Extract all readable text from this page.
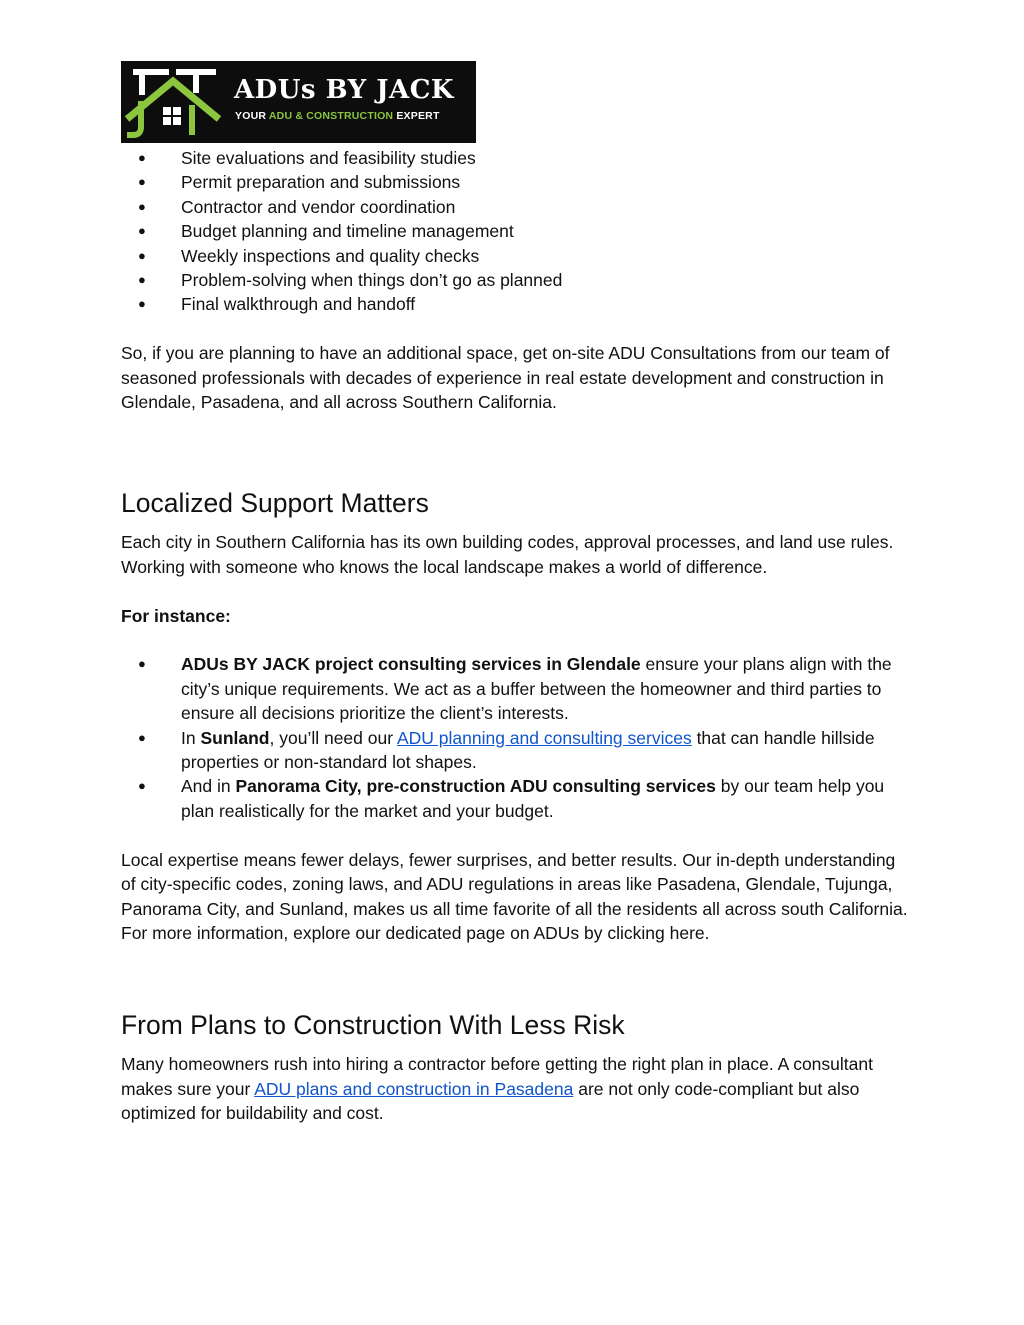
ADUs BY JACK
YOUR ADU & CONSTRUCTION EXPERT
● Site evaluations and feasibility studies
● Permit preparation and submissions
● Contractor and vendor coordination
● Budget planning and timeline management
● Weekly inspections and quality checks
● Problem-solving when things don’t go as planned
● Final walkthrough and handoff

So, if you are planning to have an additional space, get on-site ADU Consultations from our team of seasoned professionals with decades of experience in real estate development and construction in Glendale, Pasadena, and all across Southern California.

Localized Support Matters

Each city in Southern California has its own building codes, approval processes, and land use rules. Working with someone who knows the local landscape makes a world of difference.

For instance:

● ADUs BY JACK project consulting services in Glendale ensure your plans align with the city’s unique requirements. We act as a buffer between the homeowner and third parties to ensure all decisions prioritize the client’s interests.
● In Sunland, you’ll need our ADU planning and consulting services that can handle hillside properties or non-standard lot shapes.
● And in Panorama City, pre-construction ADU consulting services by our team help you plan realistically for the market and your budget.

Local expertise means fewer delays, fewer surprises, and better results. Our in-depth understanding of city-specific codes, zoning laws, and ADU regulations in areas like Pasadena, Glendale, Tujunga, Panorama City, and Sunland, makes us all time favorite of all the residents all across south California. For more information, explore our dedicated page on ADUs by clicking here.

From Plans to Construction With Less Risk

Many homeowners rush into hiring a contractor before getting the right plan in place. A consultant makes sure your ADU plans and construction in Pasadena are not only code-compliant but also optimized for buildability and cost.
